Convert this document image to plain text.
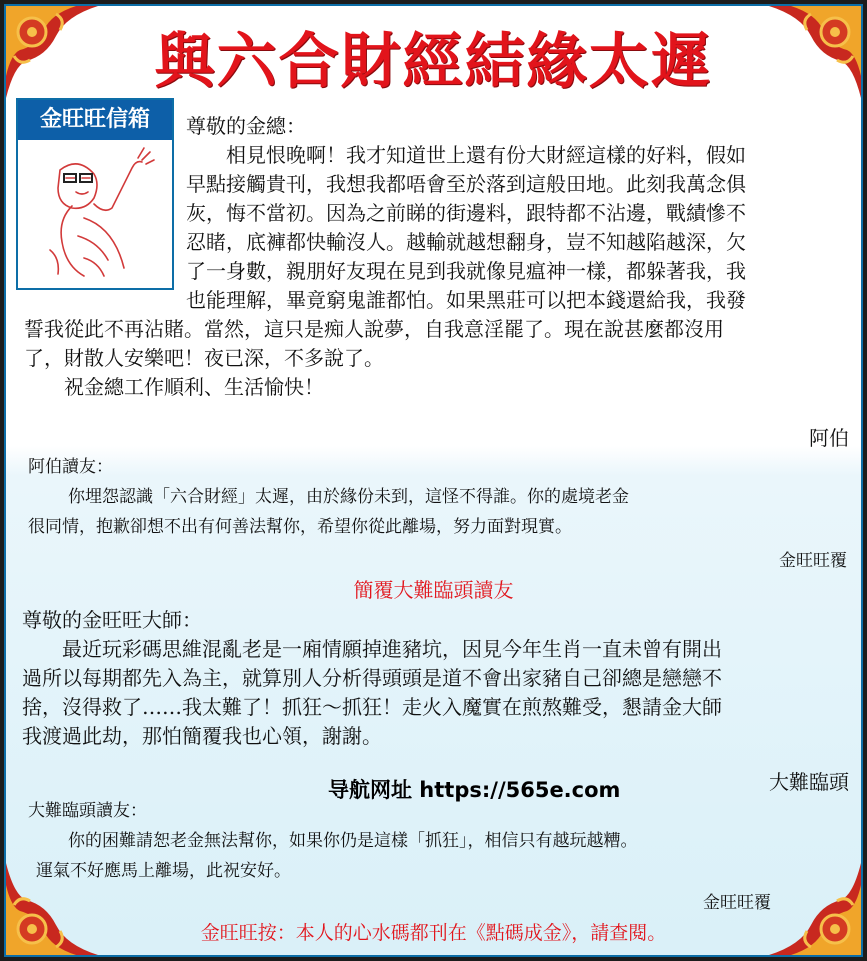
與六合財經結緣太遲
金旺旺信箱	尊敬的金總：

相見恨晚啊！我才知道世上還有份大財經這樣的好料，假如

早點接觸貴刊，我想我都唔會至於落到這般田地。此刻我萬念俱

灰，悔不當初。因為之前睇的街邊料，跟特都不沾邊，戰績慘不

忍睹，底褲都快輸沒人。越輸就越想翻身，豈不知越陷越深，欠

了一身數，親朋好友現在見到我就像見瘟神一樣，都躲著我，我

也能理解，畢竟窮鬼誰都怕。如果黑莊可以把本錢還給我，我發

誓我從此不再沾賭。當然，這只是痴人說夢，自我意淫罷了。現在說甚麼都沒用

了，財散人安樂吧！夜已深，不多說了。

祝金總工作順利、生活愉快！

阿伯

阿伯讀友：

你埋怨認識「六合財經」太遲，由於緣份未到，這怪不得誰。你的處境老金

很同情，抱歉卻想不出有何善法幫你，希望你從此離場，努力面對現實。

金旺旺覆
簡覆大難臨頭讀友

尊敬的金旺旺大師：

最近玩彩碼思維混亂老是一廂情願掉進豬坑，因見今年生肖一直未曾有開出

過所以每期都先入為主，就算別人分析得頭頭是道不會出家豬自己卻總是戀戀不

捨，沒得救了……我太難了！抓狂～抓狂！走火入魔實在煎熬難受，懇請金大師

我渡過此劫，那怕簡覆我也心領，謝謝。

大難臨頭
导航网址 https://565e.com

大難臨頭讀友：

你的困難請恕老金無法幫你，如果你仍是這樣「抓狂」，相信只有越玩越糟。

運氣不好應馬上離場，此祝安好。

金旺旺覆
金旺旺按：本人的心水碼都刊在《點碼成金》，請查閱。
